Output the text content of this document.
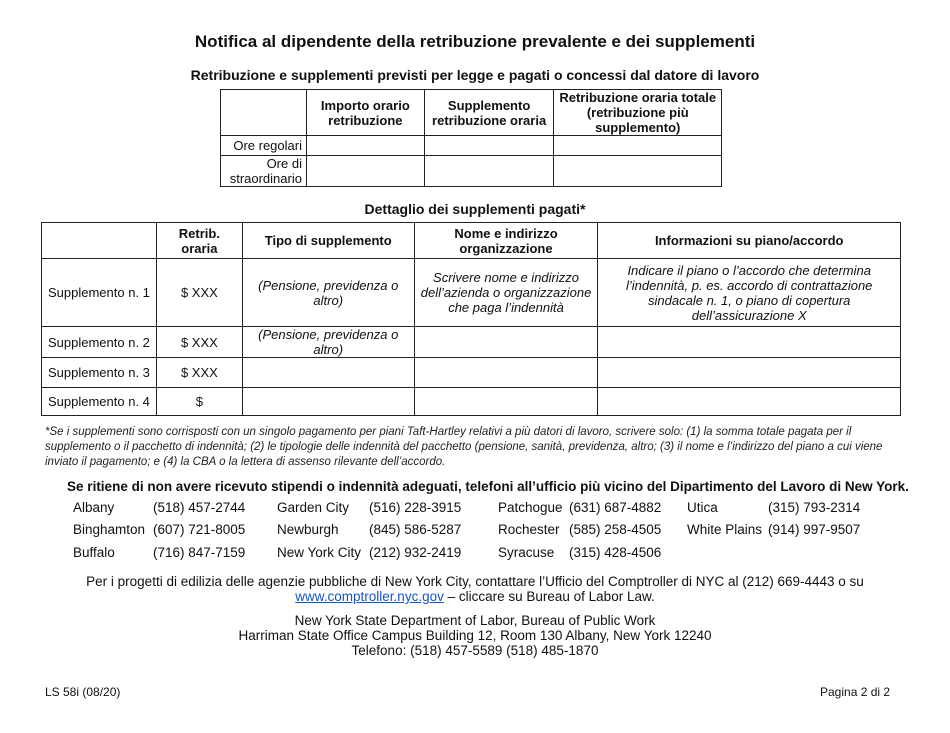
Notifica al dipendente della retribuzione prevalente e dei supplementi
Retribuzione e supplementi previsti per legge e pagati o concessi dal datore di lavoro
	Importo orario retribuzione	Supplemento retribuzione oraria	Retribuzione oraria totale (retribuzione più supplemento)
Ore regolari			
Ore di straordinario			
Dettaglio dei supplementi pagati*
	Retrib. oraria	Tipo di supplemento	Nome e indirizzo organizzazione	Informazioni su piano/accordo
Supplemento n. 1	$ XXX	(Pensione, previdenza o altro)	Scrivere nome e indirizzo dell’azienda o organizzazione che paga l’indennità	Indicare il piano o l’accordo che determina l’indennità, p. es. accordo di contrattazione sindacale n. 1, o piano di copertura dell’assicurazione X
Supplemento n. 2	$ XXX	(Pensione, previdenza o altro)		
Supplemento n. 3	$ XXX			
Supplemento n. 4	$			
*Se i supplementi sono corrisposti con un singolo pagamento per piani Taft-Hartley relativi a più datori di lavoro, scrivere solo: (1) la somma totale pagata per il supplemento o il pacchetto di indennità; (2) le tipologie delle indennità del pacchetto (pensione, sanità, previdenza, altro; (3) il nome e l’indirizzo del piano a cui viene inviato il pagamento; e (4) la CBA o la lettera di assenso rilevante dell’accordo.
Se ritiene di non avere ricevuto stipendi o indennità adeguati, telefoni all’ufficio più vicino del Dipartimento del Lavoro di New York.
Albany	(518) 457-2744
Binghamton (607) 721-8005
Buffalo	(716) 847-7159
Garden City (516) 228-3915
Newburgh (845) 586-5287
New York City (212) 932-2419
Patchogue (631) 687-4882
Rochester (585) 258-4505
Syracuse (315) 428-4506
Utica	(315) 793-2314
White Plains (914) 997-9507
Per i progetti di edilizia delle agenzie pubbliche di New York City, contattare l’Ufficio del Comptroller di NYC al (212) 669-4443 o su
www.comptroller.nyc.gov – cliccare su Bureau of Labor Law.
New York State Department of Labor, Bureau of Public Work
Harriman State Office Campus Building 12, Room 130 Albany, New York 12240
Telefono: (518) 457-5589 (518) 485-1870
LS 58i (08/20)	Pagina 2 di 2
